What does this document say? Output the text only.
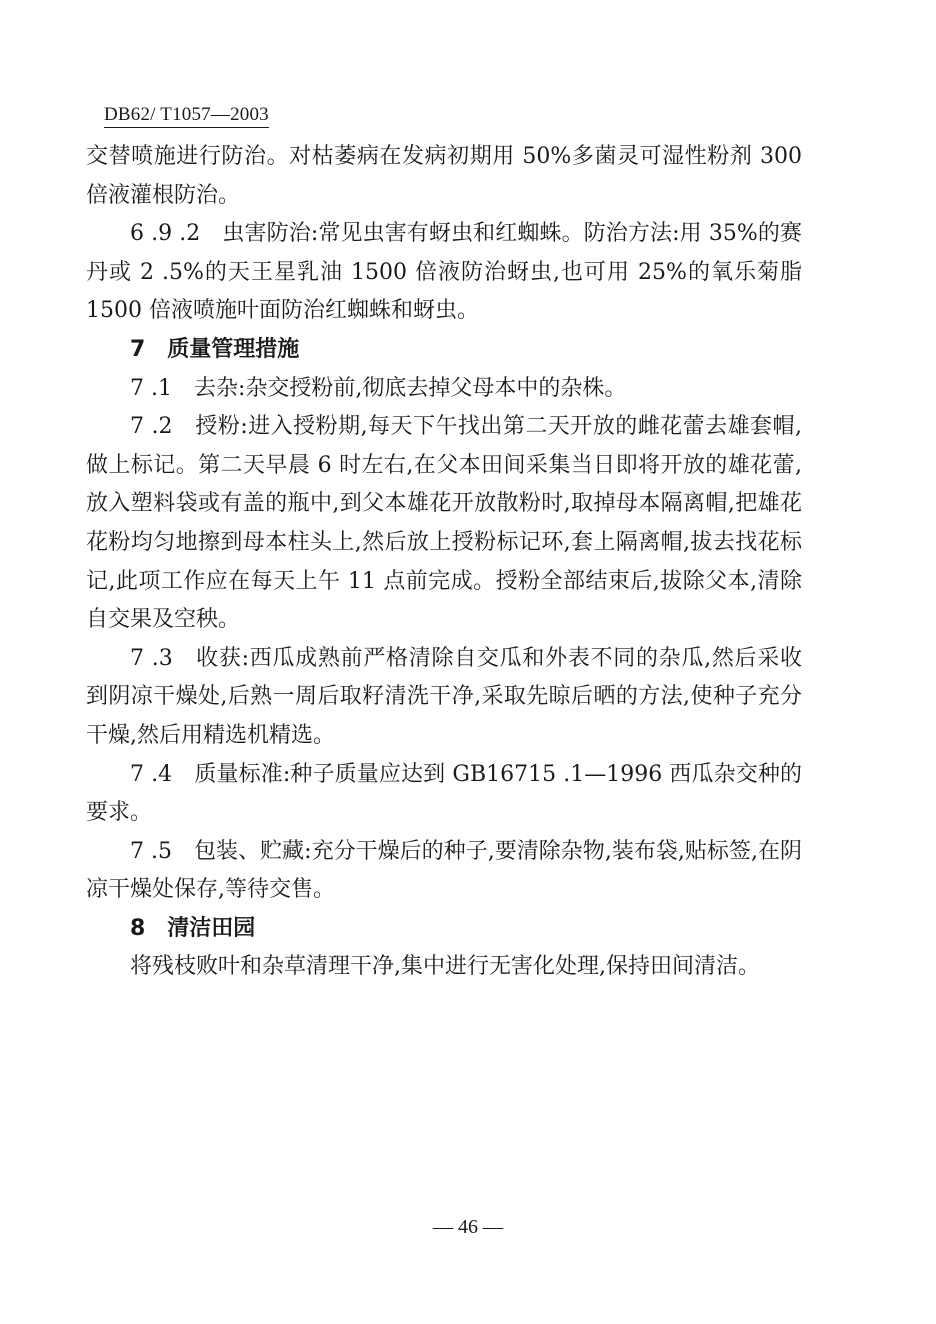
DB62/ T1057—2003

交替喷施进行防治。对枯萎病在发病初期用 50%多菌灵可湿性粉剂 300 倍液灌根防治。

6 .9 .2　虫害防治:常见虫害有蚜虫和红蜘蛛。防治方法:用 35%的赛丹或 2 .5%的天王星乳油 1500 倍液防治蚜虫,也可用 25%的氧乐菊脂 1500 倍液喷施叶面防治红蜘蛛和蚜虫。

7　质量管理措施

7 .1　去杂:杂交授粉前,彻底去掉父母本中的杂株。

7 .2　授粉:进入授粉期,每天下午找出第二天开放的雌花蕾去雄套帽,做上标记。第二天早晨 6 时左右,在父本田间采集当日即将开放的雄花蕾,放入塑料袋或有盖的瓶中,到父本雄花开放散粉时,取掉母本隔离帽,把雄花花粉均匀地擦到母本柱头上,然后放上授粉标记环,套上隔离帽,拔去找花标记,此项工作应在每天上午 11 点前完成。授粉全部结束后,拔除父本,清除自交果及空秧。

7 .3　收获:西瓜成熟前严格清除自交瓜和外表不同的杂瓜,然后采收到阴凉干燥处,后熟一周后取籽清洗干净,采取先晾后晒的方法,使种子充分干燥,然后用精选机精选。

7 .4　质量标准:种子质量应达到 GB16715 .1—1996 西瓜杂交种的要求。

7 .5　包装、贮藏:充分干燥后的种子,要清除杂物,装布袋,贴标签,在阴凉干燥处保存,等待交售。

8　清洁田园

将残枝败叶和杂草清理干净,集中进行无害化处理,保持田间清洁。

— 46 —
